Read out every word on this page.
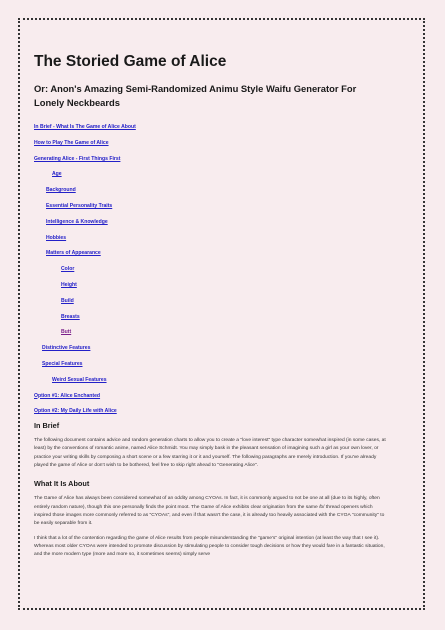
The Storied Game of Alice
Or: Anon's Amazing Semi-Randomized Animu Style Waifu Generator For Lonely Neckbeards
In Brief - What Is The Game of Alice About
How to Play The Game of Alice
Generating Alice - First Things First
Age
Background
Essential Personality Traits
Intelligence & Knowledge
Hobbies
Matters of Appearance
Color
Height
Build
Breasts
Butt
Distinctive Features
Special Features
Weird Sexual Features
Option #1: Alice Enchanted
Option #2: My Daily Life with Alice
In Brief

The following document contains advice and random generation charts to allow you to create a "love interest" type character somewhat inspired (in some cases, at least) by the conventions of romantic anime, named Alice Schmidt. You may simply bask in the pleasant sensation of imagining such a girl as your own lover, or practice your writing skills by composing a short scene or a few starring it or it and yourself. The following paragraphs are merely introduction. If you've already played the game of Alice or don't wish to be bothered, feel free to skip right ahead to "Generating Alice".

What It Is About

The Game of Alice has always been considered somewhat of an oddity among CYOAs. In fact, it is commonly argued to not be one at all (due to its highly, often entirely random nature), though this one personally finds the point moot. The Game of Alice exhibits clear origination from the same /b/ thread openers which inspired those images more commonly referred to as "CYOAs", and even if that wasn't the case, it is already too heavily associated with the CYOA "community" to be easily separable from it.

I think that a lot of the contention regarding the game of Alice results from people misunderstanding the "game's" original intention (at least the way that I see it). Whereas most older CYOAs were intended to promote discussion by stimulating people to consider tough decisions or how they would fare in a fantastic situation, and the more modern type (more and more so, it sometimes seems) simply serve
